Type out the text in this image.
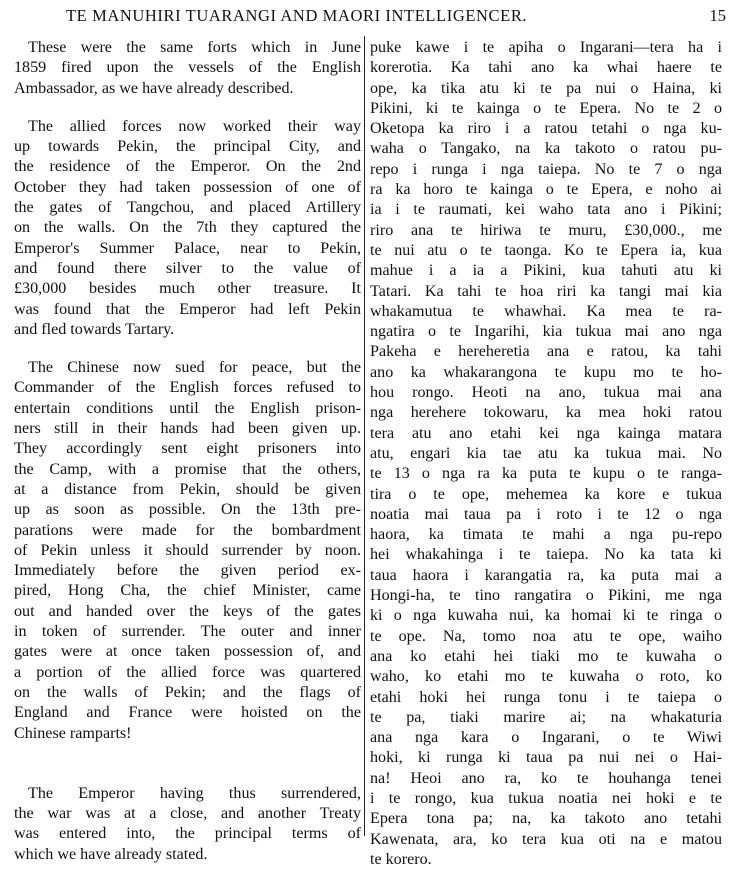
TE MANUHIRI TUARANGI AND MAORI INTELLIGENCER.	15
These were the same forts which in June
1859 fired upon the vessels of the English
Ambassador, as we have already described.
The allied forces now worked their way
up towards Pekin, the principal City, and
the residence of the Emperor. On the 2nd
October they had taken possession of one of
the gates of Tangchou, and placed Artillery
on the walls. On the 7th they captured the
Emperor's Summer Palace, near to Pekin,
and found there silver to the value of
£30,000 besides much other treasure. It
was found that the Emperor had left Pekin
and fled towards Tartary.
The Chinese now sued for peace, but the
Commander of the English forces refused to
entertain conditions until the English prison-
ners still in their hands had been given up.
They accordingly sent eight prisoners into
the Camp, with a promise that the others,
at a distance from Pekin, should be given
up as soon as possible. On the 13th pre-
parations were made for the bombardment
of Pekin unless it should surrender by noon.
Immediately before the given period ex-
pired, Hong Cha, the chief Minister, came
out and handed over the keys of the gates
in token of surrender. The outer and inner
gates were at once taken possession of, and
a portion of the allied force was quartered
on the walls of Pekin; and the flags of
England and France were hoisted on the
Chinese ramparts!
The Emperor having thus surrendered,
the war was at a close, and another Treaty
was entered into, the principal terms of
which we have already stated.
puke kawe i te apiha o Ingarani—tera ha i
korerotia. Ka tahi ano ka whai haere te
ope, ka tika atu ki te pa nui o Haina, ki
Pikini, ki te kainga o te Epera. No te 2 o
Oketopa ka riro i a ratou tetahi o nga ku-
waha o Tangako, na ka takoto o ratou pu-
repo i runga i nga taiepa. No te 7 o nga
ra ka horo te kainga o te Epera, e noho ai
ia i te raumati, kei waho tata ano i Pikini;
riro ana te hiriwa te muru, £30,000., me
te nui atu o te taonga. Ko te Epera ia, kua
mahue i a ia a Pikini, kua tahuti atu ki
Tatari. Ka tahi te hoa riri ka tangi mai kia
whakamutua te whawhai. Ka mea te ra-
ngatira o te Ingarihi, kia tukua mai ano nga
Pakeha e hereheretia ana e ratou, ka tahi
ano ka whakarangona te kupu mo te ho-
hou rongo. Heoti na ano, tukua mai ana
nga herehere tokowaru, ka mea hoki ratou
tera atu ano etahi kei nga kainga matara
atu, engari kia tae atu ka tukua mai. No
te 13 o nga ra ka puta te kupu o te ranga-
tira o te ope, mehemea ka kore e tukua
noatia mai taua pa i roto i te 12 o nga
haora, ka timata te mahi a nga pu-repo
hei whakahinga i te taiepa. No ka tata ki
taua haora i karangatia ra, ka puta mai a
Hongi-ha, te tino rangatira o Pikini, me nga
ki o nga kuwaha nui, ka homai ki te ringa o
te ope. Na, tomo noa atu te ope, waiho
ana ko etahi hei tiaki mo te kuwaha o
waho, ko etahi mo te kuwaha o roto, ko
etahi hoki hei runga tonu i te taiepa o
te pa, tiaki marire ai; na whakaturia
ana nga kara o Ingarani, o te Wiwi
hoki, ki runga ki taua pa nui nei o Hai-
na! Heoi ano ra, ko te houhanga tenei
i te rongo, kua tukua noatia nei hoki e te
Epera tona pa; na, ka takoto ano tetahi
Kawenata, ara, ko tera kua oti na e matou
te korero.
